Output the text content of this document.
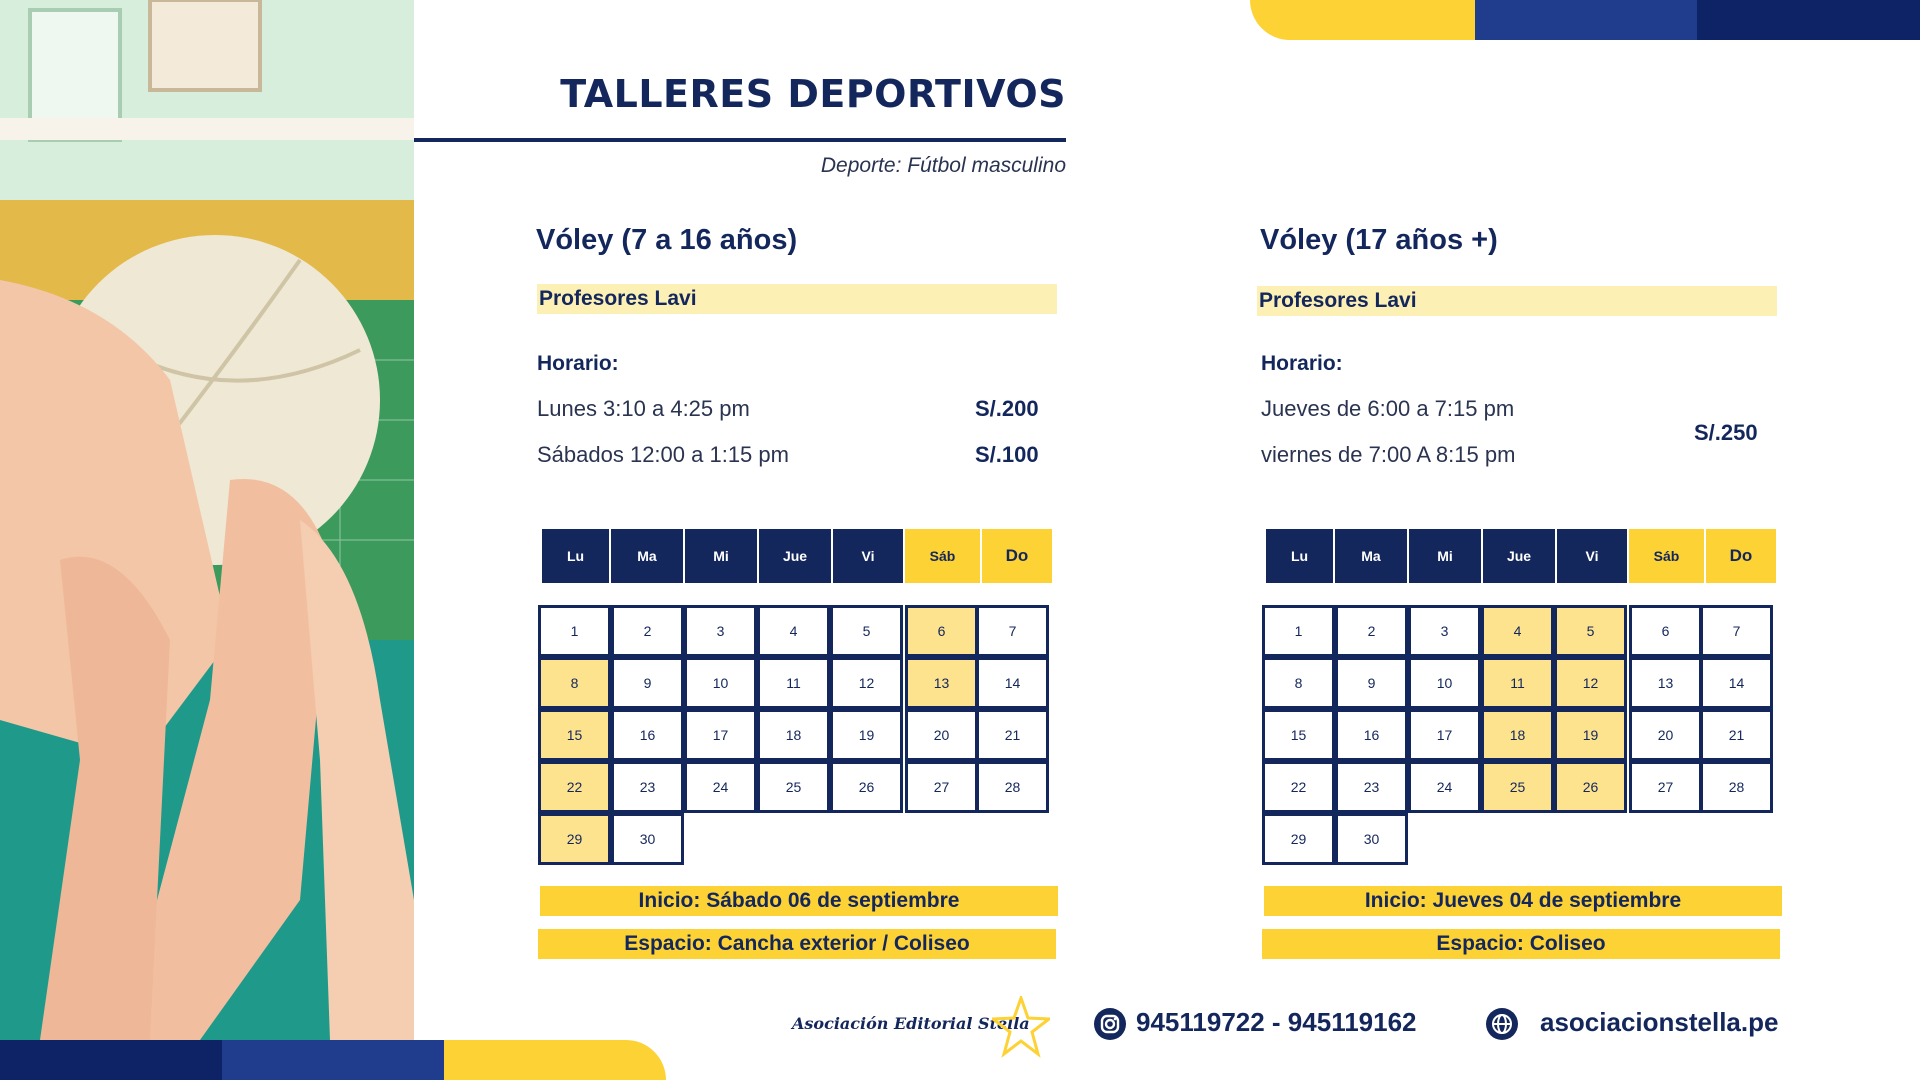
TALLERES DEPORTIVOS
Deporte: Fútbol masculino
Vóley (7 a 16 años)
Profesores Lavi
Horario:
Lunes 3:10 a 4:25 pm	S/.200
Sábados 12:00 a 1:15 pm	S/.100
Lu	Ma	Mi	Jue	Vi	Sáb	Do
1	2	3	4	5	6	7
8	9	10	11	12	13	14
15	16	17	18	19	20	21
22	23	24	25	26	27	28
29	30
Inicio: Sábado 06 de septiembre
Espacio: Cancha exterior / Coliseo
Vóley (17 años +)
Profesores Lavi
Horario:
Jueves de 6:00 a 7:15 pm
viernes de 7:00 A 8:15 pm
S/.250
Lu	Ma	Mi	Jue	Vi	Sáb	Do
1	2	3	4	5	6	7
8	9	10	11	12	13	14
15	16	17	18	19	20	21
22	23	24	25	26	27	28
29	30
Inicio: Jueves 04 de septiembre
Espacio: Coliseo
Asociación Editorial Stella	945119722 - 945119162	asociacionstella.pe
